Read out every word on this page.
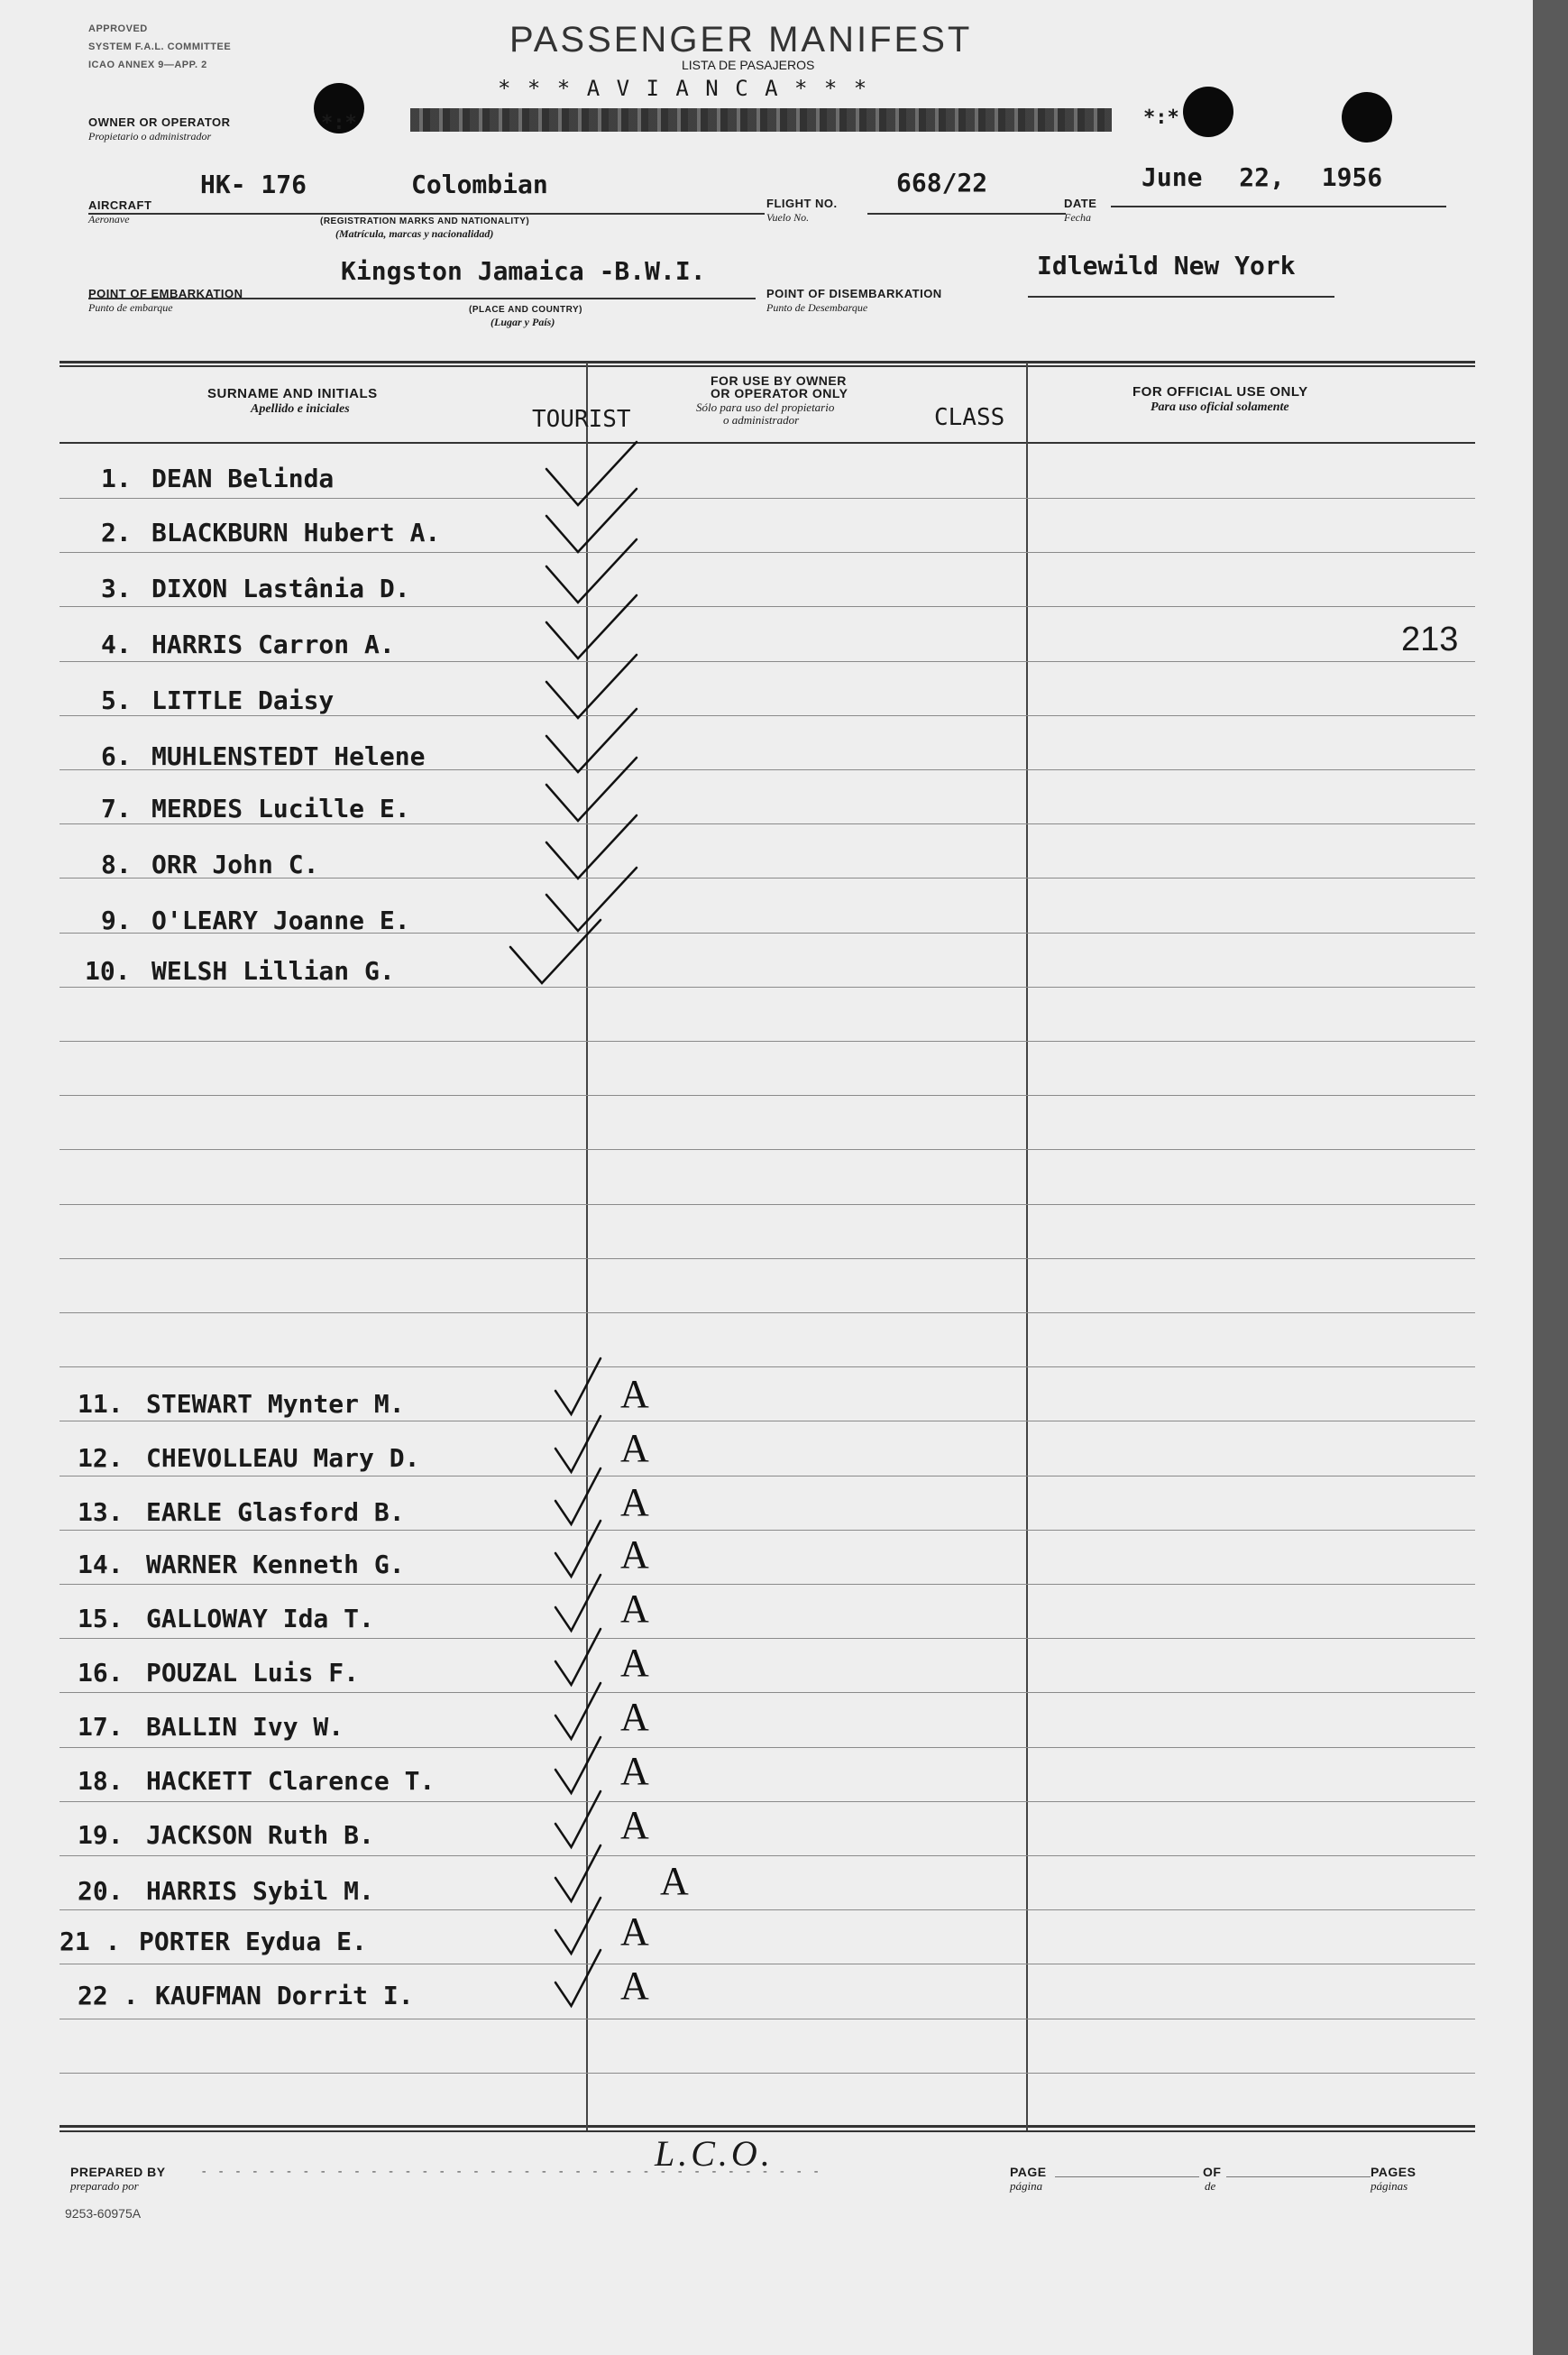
APPROVED
SYSTEM F.A.L. COMMITTEE
ICAO ANNEX 9—APP. 2
PASSENGER MANIFEST
LISTA DE PASAJEROS
* * * A V I A N C A * * *
*:*	*:*
OWNER OR OPERATOR
Propietario o administrador
AIRCRAFT
Aeronave
HK- 176	Colombian
(REGISTRATION MARKS AND NATIONALITY)
(Matrícula, marcas y nacionalidad)
FLIGHT NO.
Vuelo No.
668/22
DATE
Fecha
June 22, 1956
POINT OF EMBARKATION
Punto de embarque
Kingston Jamaica -B.W.I.
(PLACE AND COUNTRY)
(Lugar y País)
POINT OF DISEMBARKATION
Punto de Desembarque
Idlewild New York
SURNAME AND INITIALS
Apellido e iniciales	TOURIST
FOR USE BY OWNER
OR OPERATOR ONLY
Sólo para uso del propietario
o administrador	CLASS
FOR OFFICIAL USE ONLY
Para uso oficial solamente
1. DEAN Belinda
2. BLACKBURN Hubert A.
3. DIXON Lastânia D.
4. HARRIS Carron A.	213
5. LITTLE Daisy
6. MUHLENSTEDT Helene
7. MERDES Lucille E.
8. ORR John C.
9. O'LEARY Joanne E.
10. WELSH Lillian G.
11. STEWART Mynter M.	A
12. CHEVOLLEAU Mary D.	A
13. EARLE Glasford B.	A
14. WARNER Kenneth G.	A
15. GALLOWAY Ida T.	A
16. POUZAL Luis F.	A
17. BALLIN Ivy W.	A
18. HACKETT Clarence T.	A
19. JACKSON Ruth B.	A
20. HARRIS Sybil M.	A
21 . PORTER Eydua E.	A
22 . KAUFMAN Dorrit I.	A
L.C.O.
PREPARED BY
preparado por
- - - - - - - - - - - - - - - - - - - - - - - - - - - - - - - - - - - - -	PAGE
página
OF
de
PAGES
páginas
9253-60975A
